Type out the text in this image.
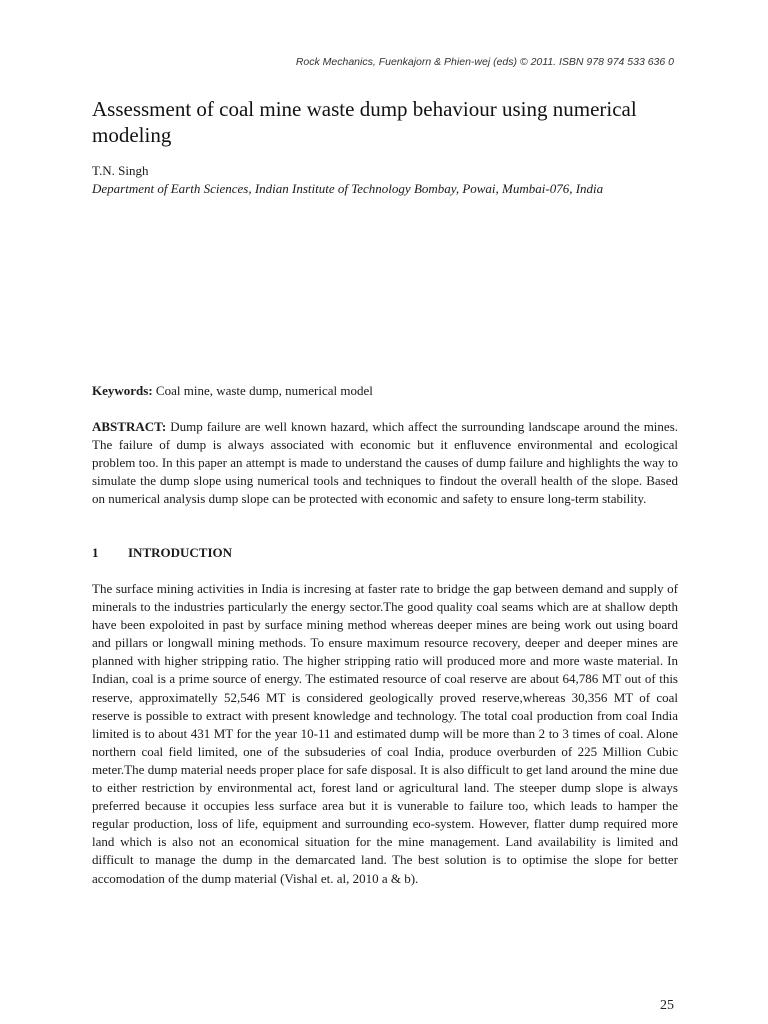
Rock Mechanics, Fuenkajorn & Phien-wej (eds) © 2011. ISBN 978 974 533 636 0
Assessment of coal mine waste dump behaviour using numerical modeling
T.N. Singh
Department of Earth Sciences, Indian Institute of Technology Bombay, Powai, Mumbai-076, India
Keywords: Coal mine, waste dump, numerical model
ABSTRACT: Dump failure are well known hazard, which affect the surrounding landscape around the mines. The failure of dump is always associated with economic but it enfluvence environmental and ecological problem too. In this paper an attempt is made to understand the causes of dump failure and highlights the way to simulate the dump slope using numerical tools and techniques to findout the overall health of the slope. Based on numerical analysis dump slope can be protected with economic and safety to ensure long-term stability.
1 INTRODUCTION
The surface mining activities in India is incresing at faster rate to bridge the gap between demand and supply of minerals to the industries particularly the energy sector.The good quality coal seams which are at shallow depth have been expoloited in past by surface mining method whereas deeper mines are being work out using board and pillars or longwall mining methods. To ensure maximum resource recovery, deeper and deeper mines are planned with higher stripping ratio. The higher stripping ratio will produced more and more waste material. In Indian, coal is a prime source of energy. The estimated resource of coal reserve are about 64,786 MT out of this reserve, approximatelly 52,546 MT is considered geologically proved reserve,whereas 30,356 MT of coal reserve is possible to extract with present knowledge and technology. The total coal production from coal India limited is to about 431 MT for the year 10-11 and estimated dump will be more than 2 to 3 times of coal. Alone northern coal field limited, one of the subsuderies of coal India, produce overburden of 225 Million Cubic meter.The dump material needs proper place for safe disposal. It is also difficult to get land around the mine due to either restriction by environmental act, forest land or agricultural land. The steeper dump slope is always preferred because it occupies less surface area but it is vunerable to failure too, which leads to hamper the regular production, loss of life, equipment and surrounding eco-system. However, flatter dump required more land which is also not an economical situation for the mine management. Land availability is limited and difficult to manage the dump in the demarcated land. The best solution is to optimise the slope for better accomodation of the dump material (Vishal et. al, 2010 a & b).
25
